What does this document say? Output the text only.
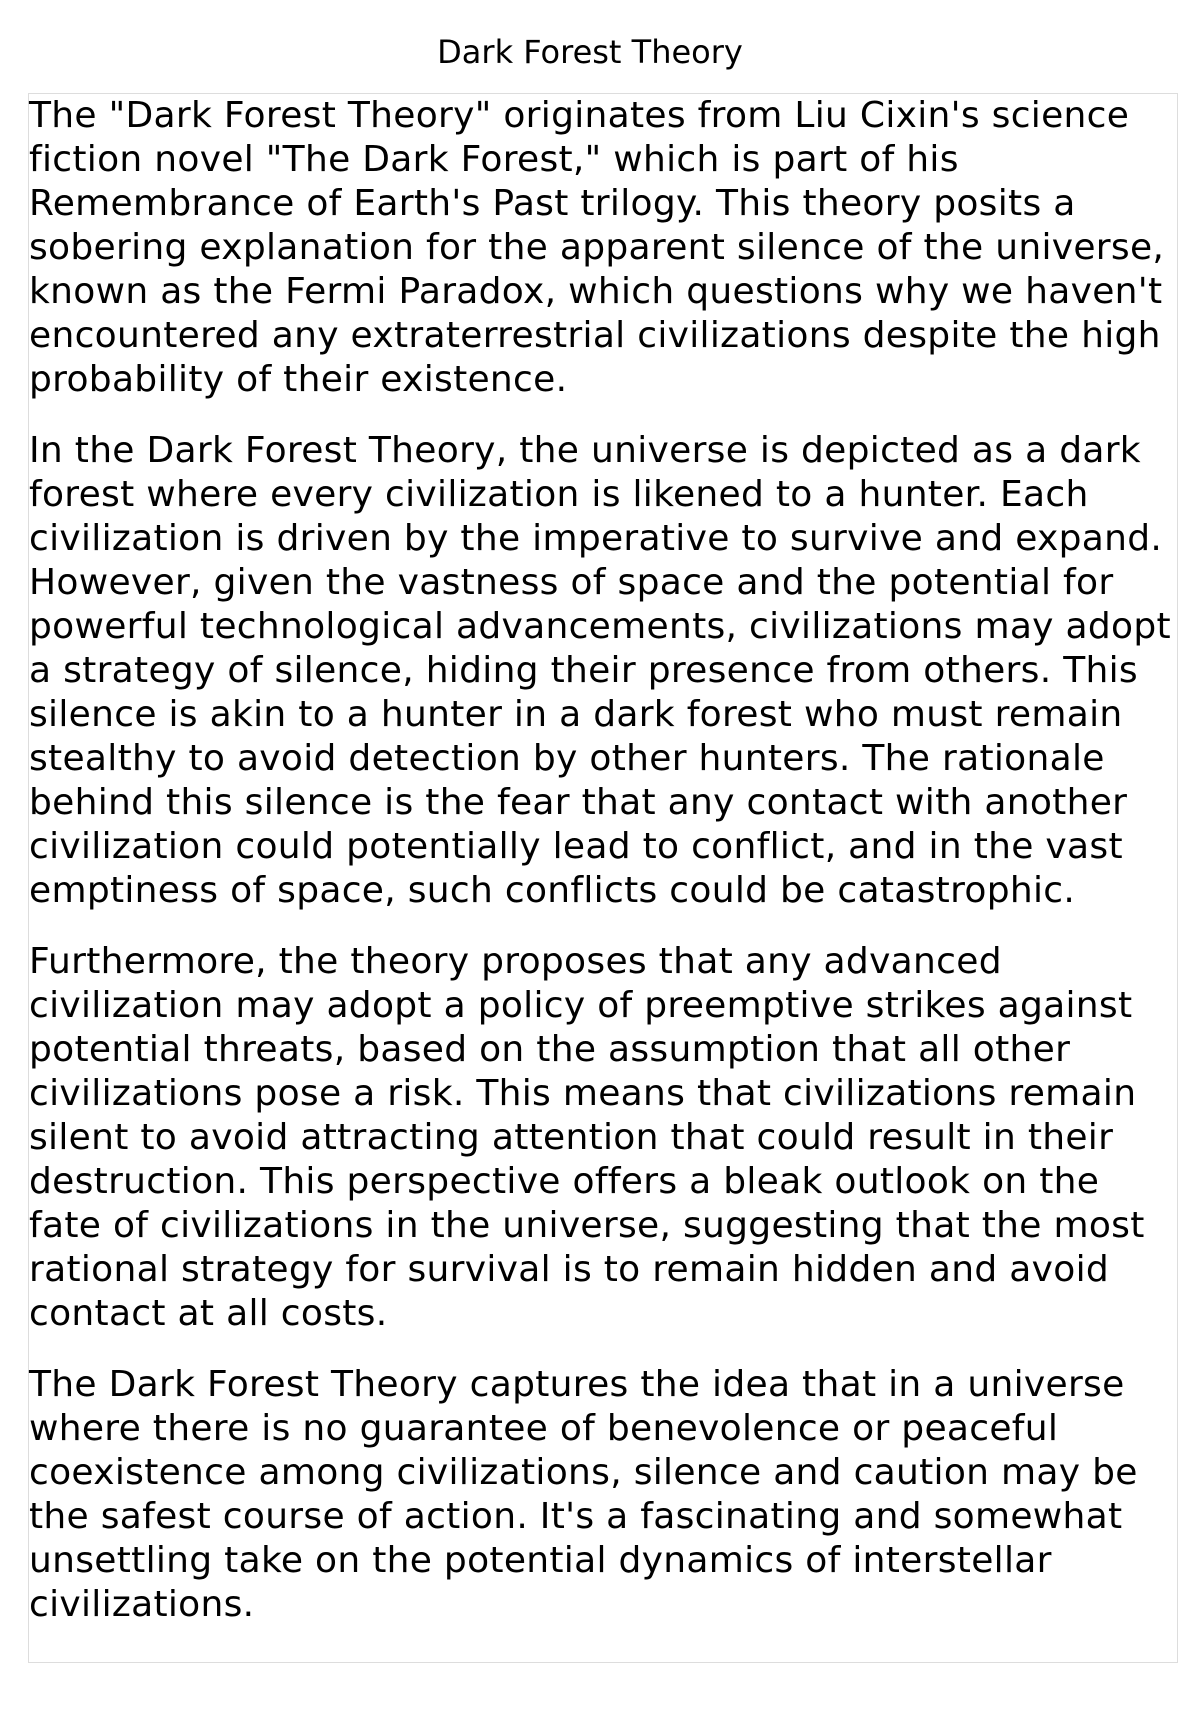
Dark Forest Theory

The "Dark Forest Theory" originates from Liu Cixin's science fiction novel "The Dark Forest," which is part of his Remembrance of Earth's Past trilogy. This theory posits a sobering explanation for the apparent silence of the universe, known as the Fermi Paradox, which questions why we haven't encountered any extraterrestrial civilizations despite the high probability of their existence.

In the Dark Forest Theory, the universe is depicted as a dark forest where every civilization is likened to a hunter. Each civilization is driven by the imperative to survive and expand. However, given the vastness of space and the potential for powerful technological advancements, civilizations may adopt a strategy of silence, hiding their presence from others. This silence is akin to a hunter in a dark forest who must remain stealthy to avoid detection by other hunters. The rationale behind this silence is the fear that any contact with another civilization could potentially lead to conflict, and in the vast emptiness of space, such conflicts could be catastrophic.

Furthermore, the theory proposes that any advanced civilization may adopt a policy of preemptive strikes against potential threats, based on the assumption that all other civilizations pose a risk. This means that civilizations remain silent to avoid attracting attention that could result in their destruction. This perspective offers a bleak outlook on the fate of civilizations in the universe, suggesting that the most rational strategy for survival is to remain hidden and avoid contact at all costs.

The Dark Forest Theory captures the idea that in a universe where there is no guarantee of benevolence or peaceful coexistence among civilizations, silence and caution may be the safest course of action. It's a fascinating and somewhat unsettling take on the potential dynamics of interstellar civilizations.
